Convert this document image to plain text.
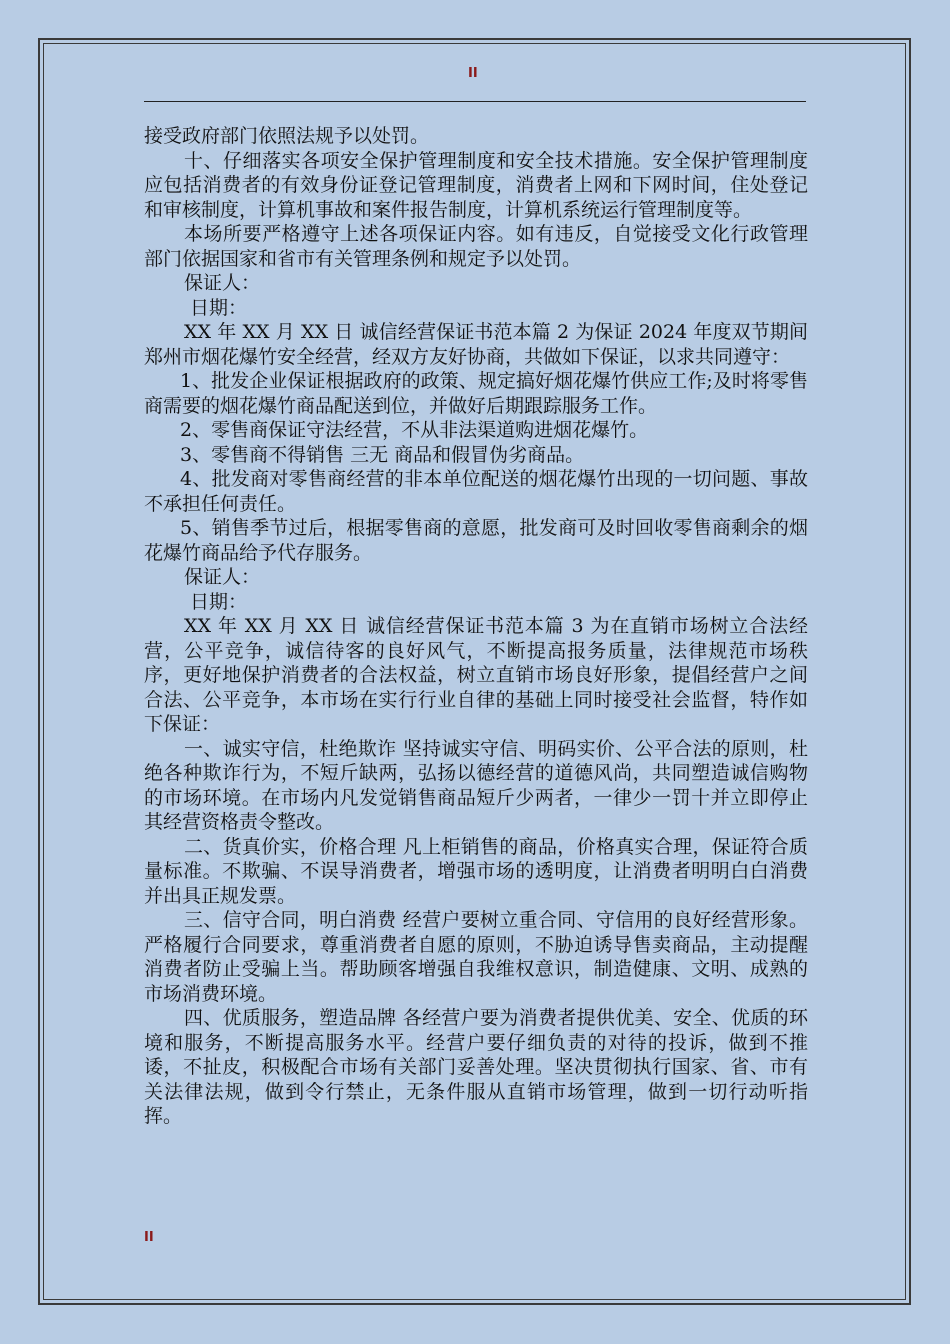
II

接受政府部门依照法规予以处罚。

十、仔细落实各项安全保护管理制度和安全技术措施。安全保护管理制度应包括消费者的有效身份证登记管理制度，消费者上网和下网时间，住处登记和审核制度，计算机事故和案件报告制度，计算机系统运行管理制度等。

本场所要严格遵守上述各项保证内容。如有违反，自觉接受文化行政管理部门依据国家和省市有关管理条例和规定予以处罚。

保证人：

日期：

XX 年 XX 月 XX 日 诚信经营保证书范本篇 2 为保证 2024 年度双节期间郑州市烟花爆竹安全经营，经双方友好协商，共做如下保证，以求共同遵守：

1、批发企业保证根据政府的政策、规定搞好烟花爆竹供应工作;及时将零售商需要的烟花爆竹商品配送到位，并做好后期跟踪服务工作。

2、零售商保证守法经营，不从非法渠道购进烟花爆竹。

3、零售商不得销售 三无 商品和假冒伪劣商品。

4、批发商对零售商经营的非本单位配送的烟花爆竹出现的一切问题、事故不承担任何责任。

5、销售季节过后，根据零售商的意愿，批发商可及时回收零售商剩余的烟花爆竹商品给予代存服务。

保证人：

日期：

XX 年 XX 月 XX 日 诚信经营保证书范本篇 3 为在直销市场树立合法经营，公平竞争，诚信待客的良好风气，不断提高报务质量，法律规范市场秩序，更好地保护消费者的合法权益，树立直销市场良好形象，提倡经营户之间合法、公平竞争，本市场在实行行业自律的基础上同时接受社会监督，特作如下保证：

一、诚实守信，杜绝欺诈 坚持诚实守信、明码实价、公平合法的原则，杜绝各种欺诈行为，不短斤缺两，弘扬以德经营的道德风尚，共同塑造诚信购物的市场环境。在市场内凡发觉销售商品短斤少两者，一律少一罚十并立即停止其经营资格责令整改。

二、货真价实，价格合理 凡上柜销售的商品，价格真实合理，保证符合质量标准。不欺骗、不误导消费者，增强市场的透明度，让消费者明明白白消费并出具正规发票。

三、信守合同，明白消费 经营户要树立重合同、守信用的良好经营形象。严格履行合同要求，尊重消费者自愿的原则，不胁迫诱导售卖商品，主动提醒消费者防止受骗上当。帮助顾客增强自我维权意识，制造健康、文明、成熟的市场消费环境。

四、优质服务，塑造品牌 各经营户要为消费者提供优美、安全、优质的环境和服务，不断提高服务水平。经营户要仔细负责的对待的投诉，做到不推诿，不扯皮，积极配合市场有关部门妥善处理。坚决贯彻执行国家、省、市有关法律法规，做到令行禁止，无条件服从直销市场管理，做到一切行动听指挥。

II
